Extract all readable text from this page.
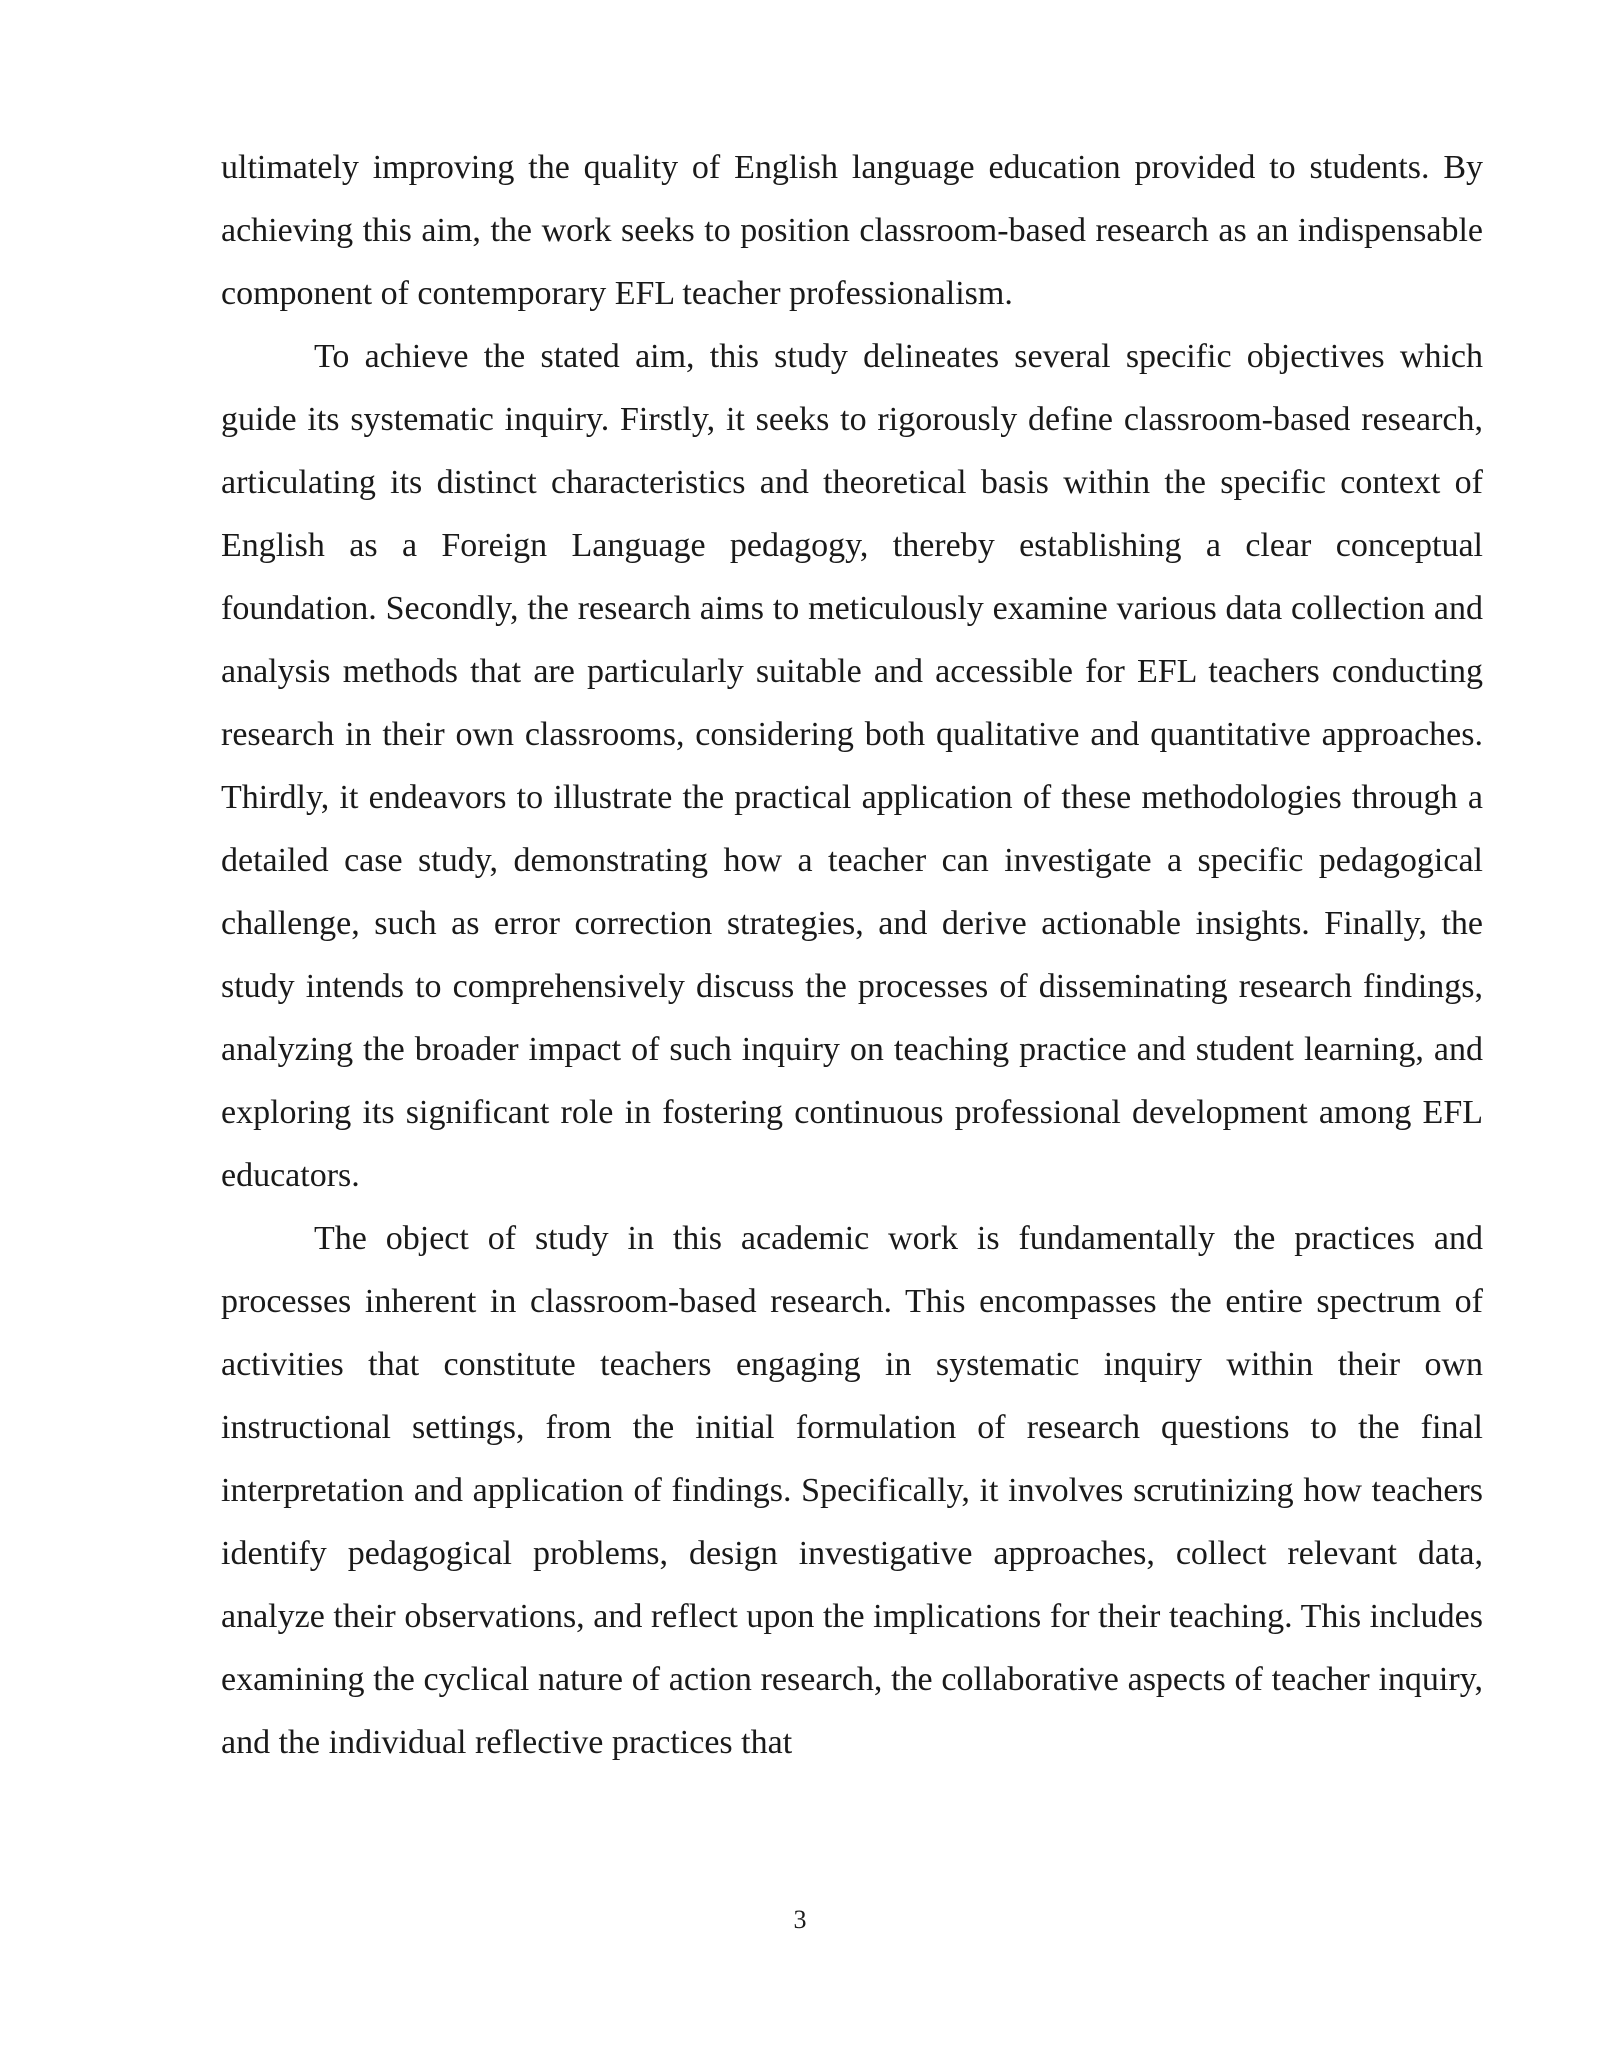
ultimately improving the quality of English language education provided to students. By achieving this aim, the work seeks to position classroom-based research as an indispensable component of contemporary EFL teacher professionalism.

To achieve the stated aim, this study delineates several specific objectives which guide its systematic inquiry. Firstly, it seeks to rigorously define classroom-based research, articulating its distinct characteristics and theoretical basis within the specific context of English as a Foreign Language pedagogy, thereby establishing a clear conceptual foundation. Secondly, the research aims to meticulously examine various data collection and analysis methods that are particularly suitable and accessible for EFL teachers conducting research in their own classrooms, considering both qualitative and quantitative approaches. Thirdly, it endeavors to illustrate the practical application of these methodologies through a detailed case study, demonstrating how a teacher can investigate a specific pedagogical challenge, such as error correction strategies, and derive actionable insights. Finally, the study intends to comprehensively discuss the processes of disseminating research findings, analyzing the broader impact of such inquiry on teaching practice and student learning, and exploring its significant role in fostering continuous professional development among EFL educators.

The object of study in this academic work is fundamentally the practices and processes inherent in classroom-based research. This encompasses the entire spectrum of activities that constitute teachers engaging in systematic inquiry within their own instructional settings, from the initial formulation of research questions to the final interpretation and application of findings. Specifically, it involves scrutinizing how teachers identify pedagogical problems, design investigative approaches, collect relevant data, analyze their observations, and reflect upon the implications for their teaching. This includes examining the cyclical nature of action research, the collaborative aspects of teacher inquiry, and the individual reflective practices that

3
